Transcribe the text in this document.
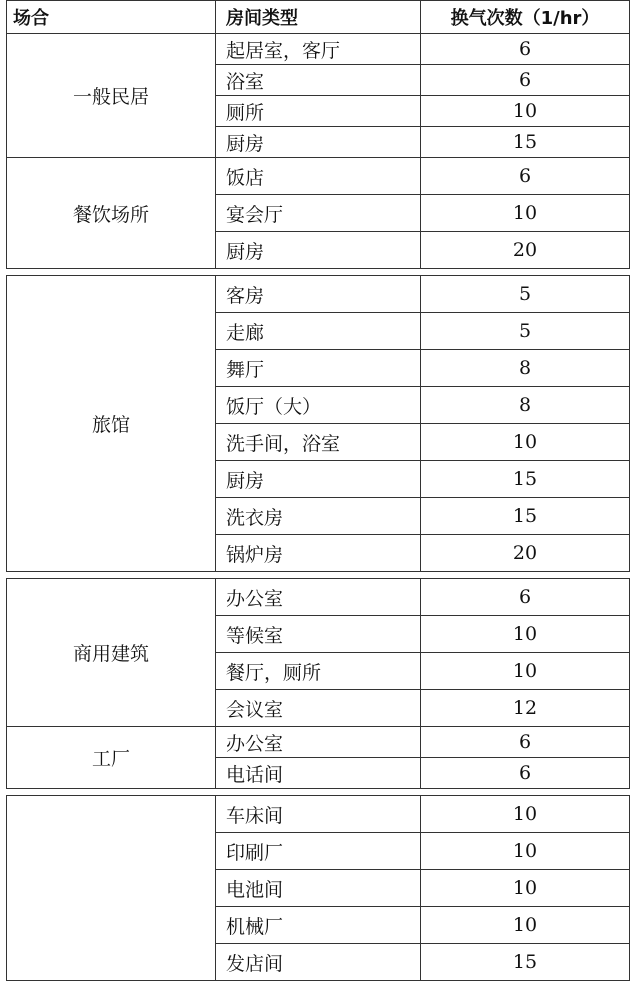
场合	房间类型	换气次数（1/hr）
一般民居	起居室，客厅	6
	浴室	6
	厕所	10
	厨房	15
餐饮场所	饭店	6
	宴会厅	10
	厨房	20

旅馆	客房	5
	走廊	5
	舞厅	8
	饭厅（大）	8
	洗手间，浴室	10
	厨房	15
	洗衣房	15
	锅炉房	20

商用建筑	办公室	6
	等候室	10
	餐厅，厕所	10
	会议室	12
工厂	办公室	6
	电话间	6

	车床间	10
	印刷厂	10
	电池间	10
	机械厂	10
	发店间	15
